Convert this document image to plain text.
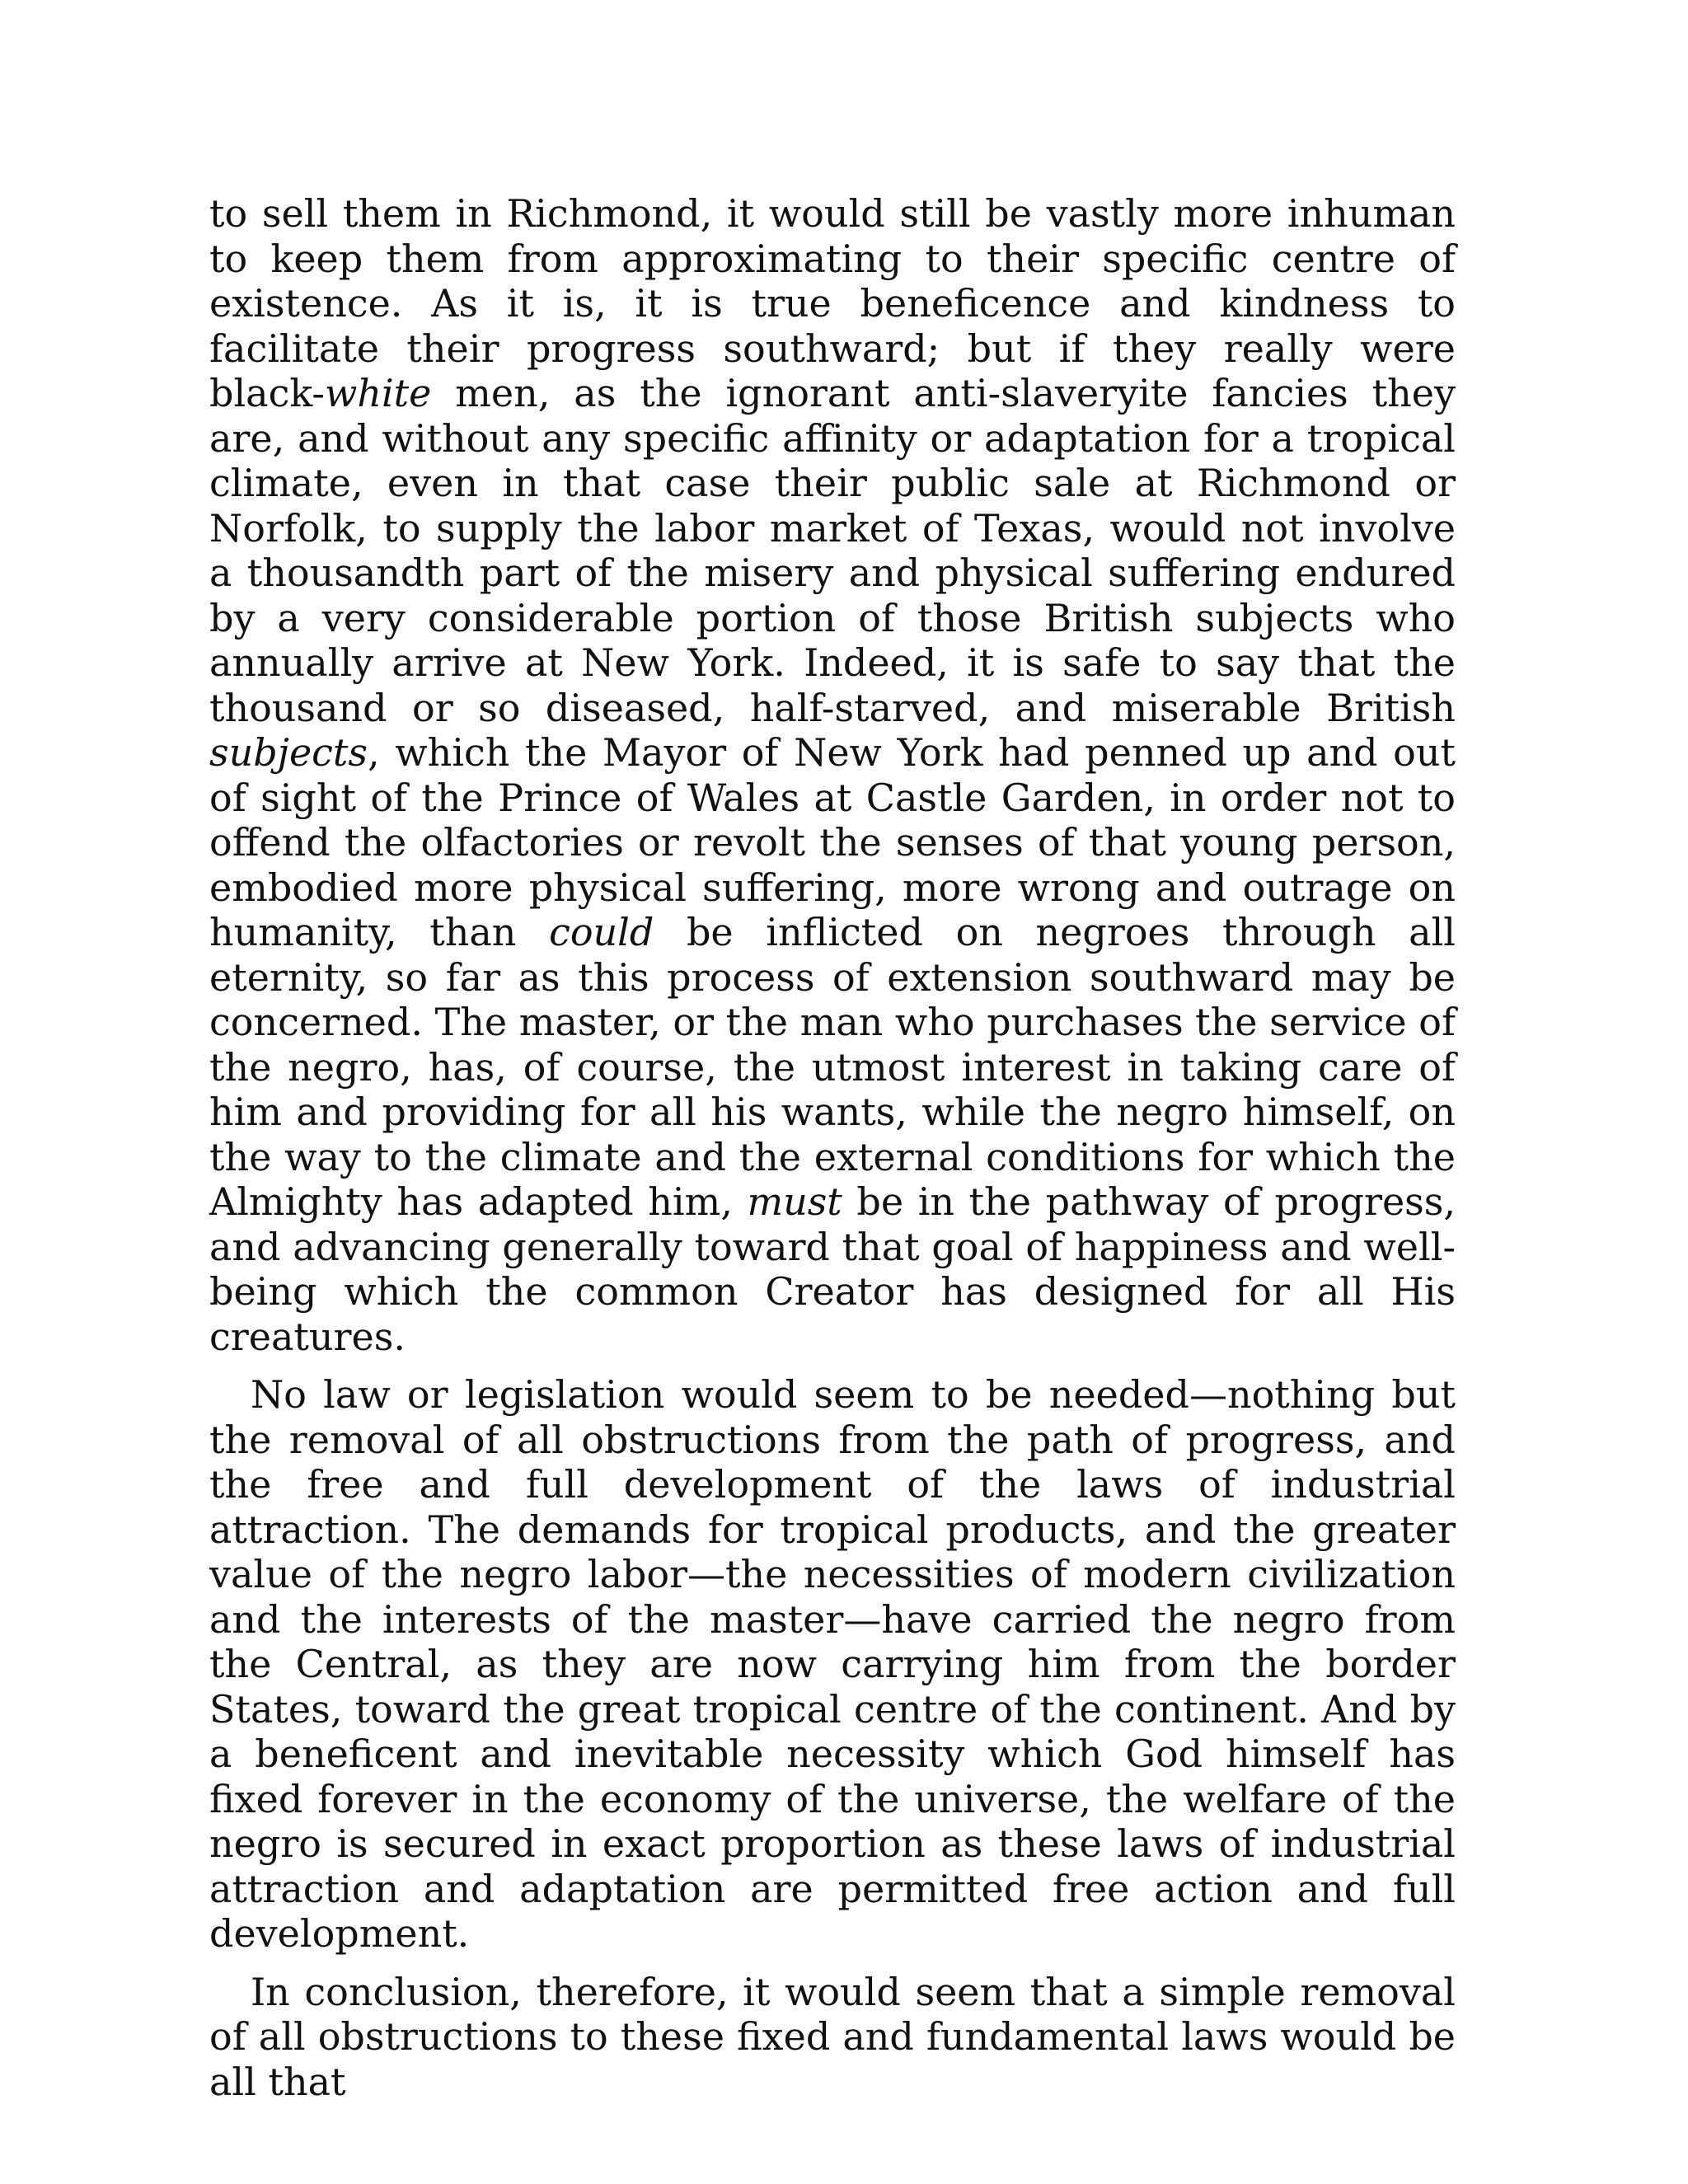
to sell them in Richmond, it would still be vastly more inhuman to keep them from approximating to their specific centre of existence. As it is, it is true beneficence and kindness to facilitate their progress southward; but if they really were black-white men, as the ignorant anti-slaveryite fancies they are, and without any specific affinity or adaptation for a tropical climate, even in that case their public sale at Richmond or Norfolk, to supply the labor market of Texas, would not involve a thousandth part of the misery and physical suffering endured by a very considerable portion of those British subjects who annually arrive at New York. Indeed, it is safe to say that the thousand or so diseased, half-starved, and miserable British subjects, which the Mayor of New York had penned up and out of sight of the Prince of Wales at Castle Garden, in order not to offend the olfactories or revolt the senses of that young person, embodied more physical suffering, more wrong and outrage on humanity, than could be inflicted on negroes through all eternity, so far as this process of extension southward may be concerned. The master, or the man who purchases the service of the negro, has, of course, the utmost interest in taking care of him and providing for all his wants, while the negro himself, on the way to the climate and the external conditions for which the Almighty has adapted him, must be in the pathway of progress, and advancing generally toward that goal of happiness and well-being which the common Creator has designed for all His creatures.

No law or legislation would seem to be needed—nothing but the removal of all obstructions from the path of progress, and the free and full development of the laws of industrial attraction. The demands for tropical products, and the greater value of the negro labor—the necessities of modern civilization and the interests of the master—have carried the negro from the Central, as they are now carrying him from the border States, toward the great tropical centre of the continent. And by a beneficent and inevitable necessity which God himself has fixed forever in the economy of the universe, the welfare of the negro is secured in exact proportion as these laws of industrial attraction and adaptation are permitted free action and full development.

In conclusion, therefore, it would seem that a simple removal of all obstructions to these fixed and fundamental laws would be all that
